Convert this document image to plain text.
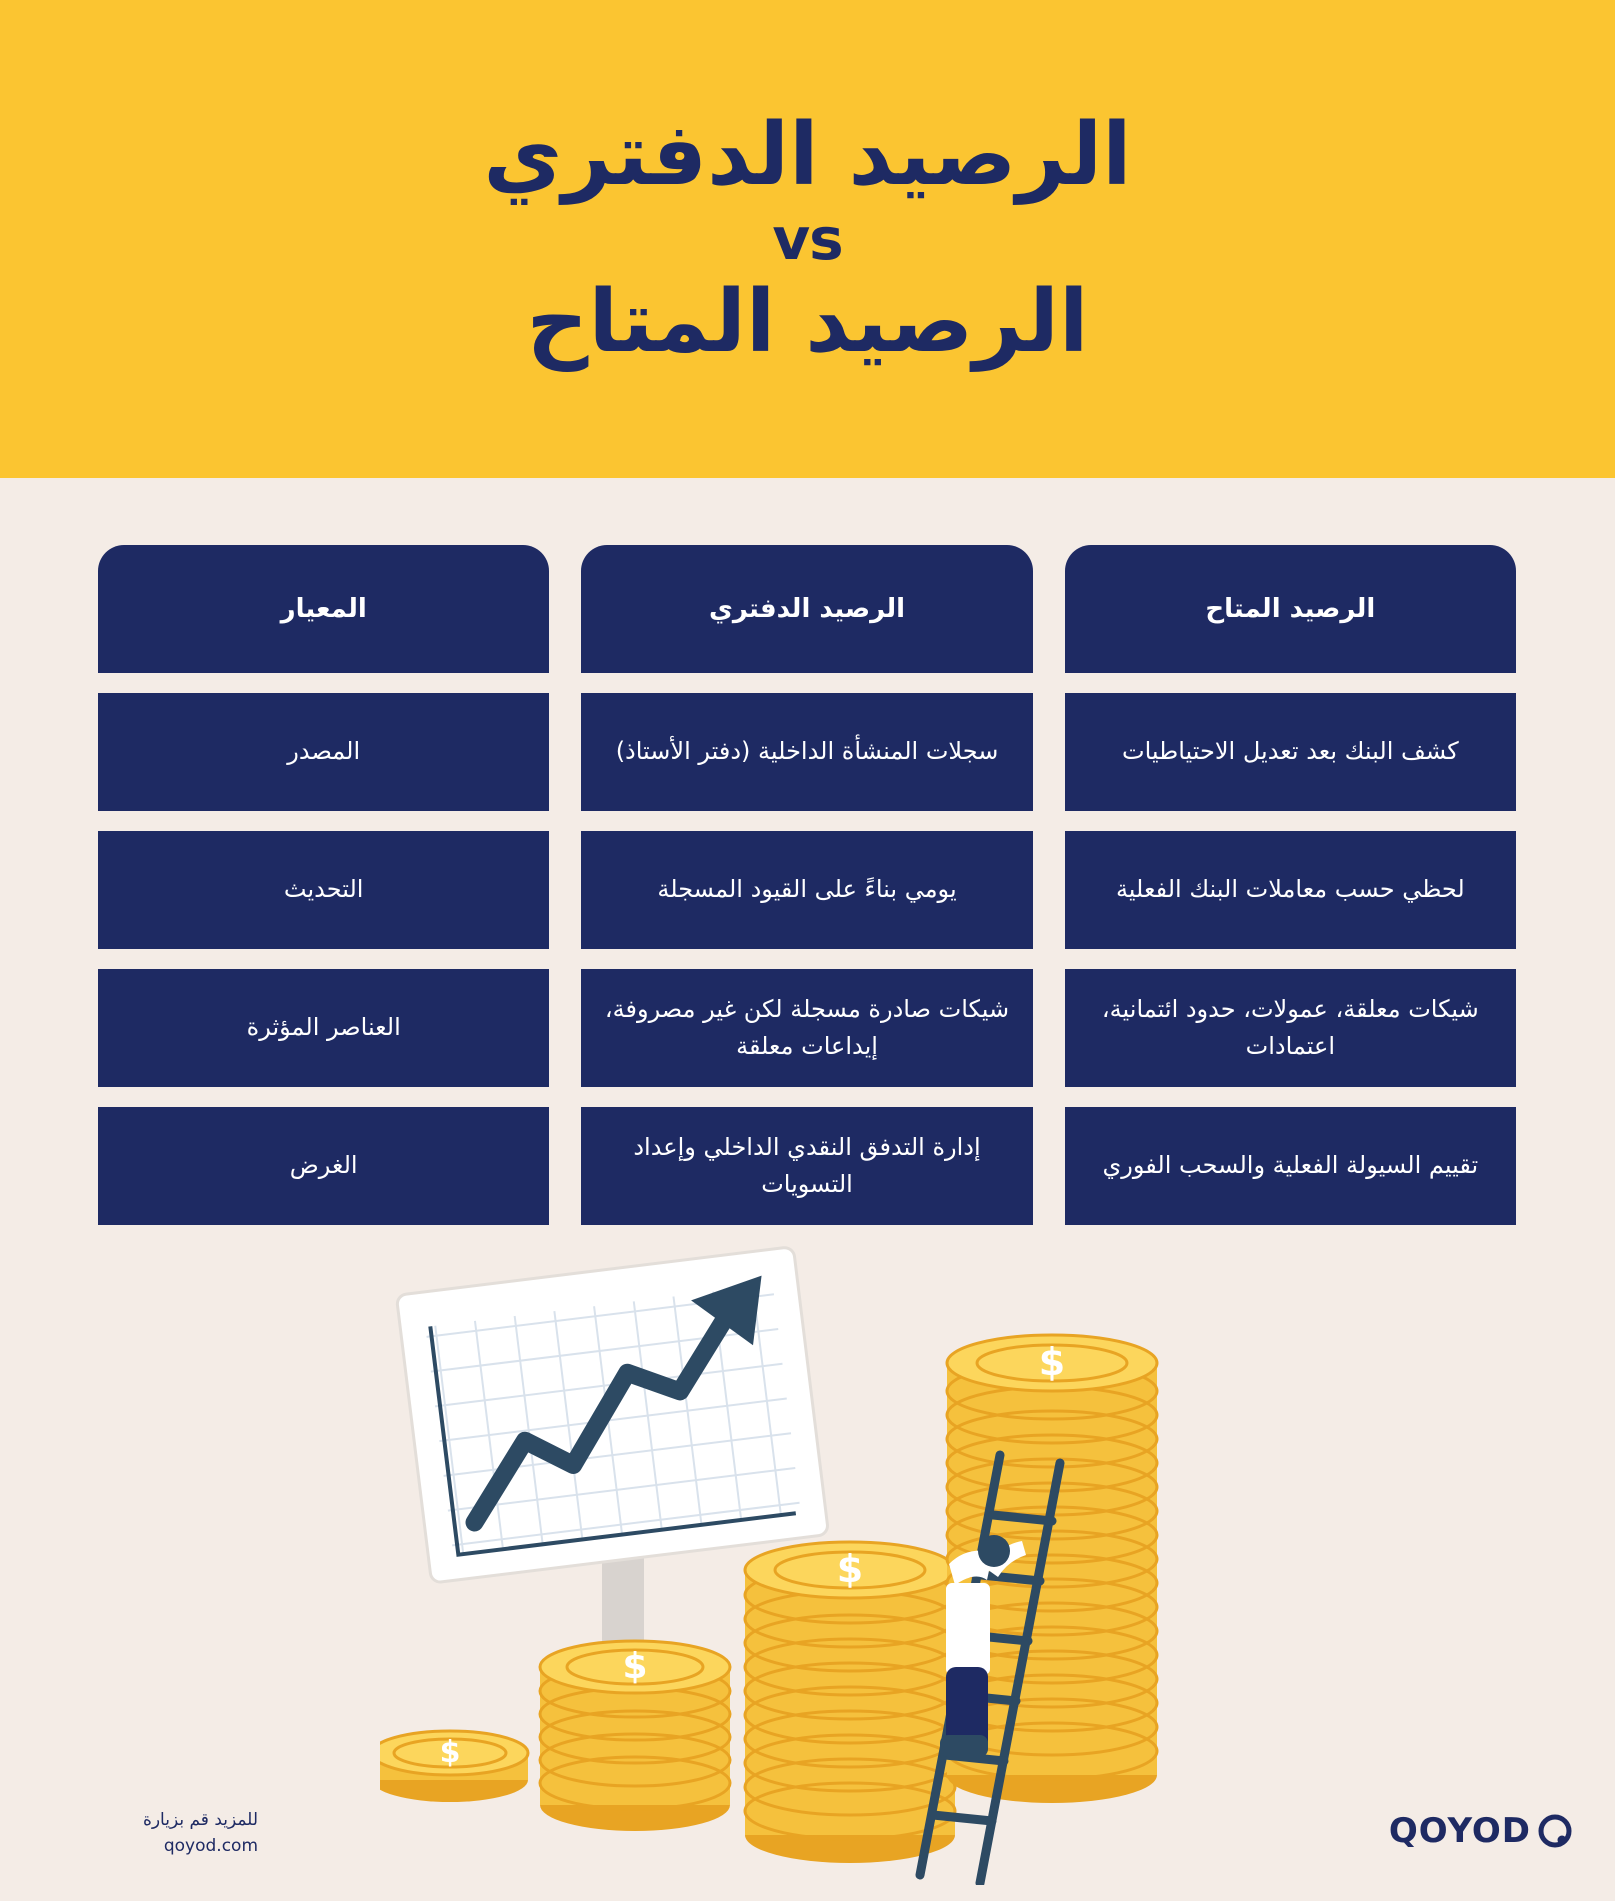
الرصيد الدفتري
vs
الرصيد المتاح
الرصيد المتاح
كشف البنك بعد تعديل الاحتياطيات
لحظي حسب معاملات البنك الفعلية
شيكات معلقة، عمولات، حدود ائتمانية، اعتمادات
تقييم السيولة الفعلية والسحب الفوري
الرصيد الدفتري
سجلات المنشأة الداخلية (دفتر الأستاذ)
يومي بناءً على القيود المسجلة
شيكات صادرة مسجلة لكن غير مصروفة، إيداعات معلقة
إدارة التدفق النقدي الداخلي وإعداد التسويات
المعيار
المصدر
التحديث
العناصر المؤثرة
الغرض
$
$
$
$
للمزيد قم بزيارة
qoyod.com	QOYOD
